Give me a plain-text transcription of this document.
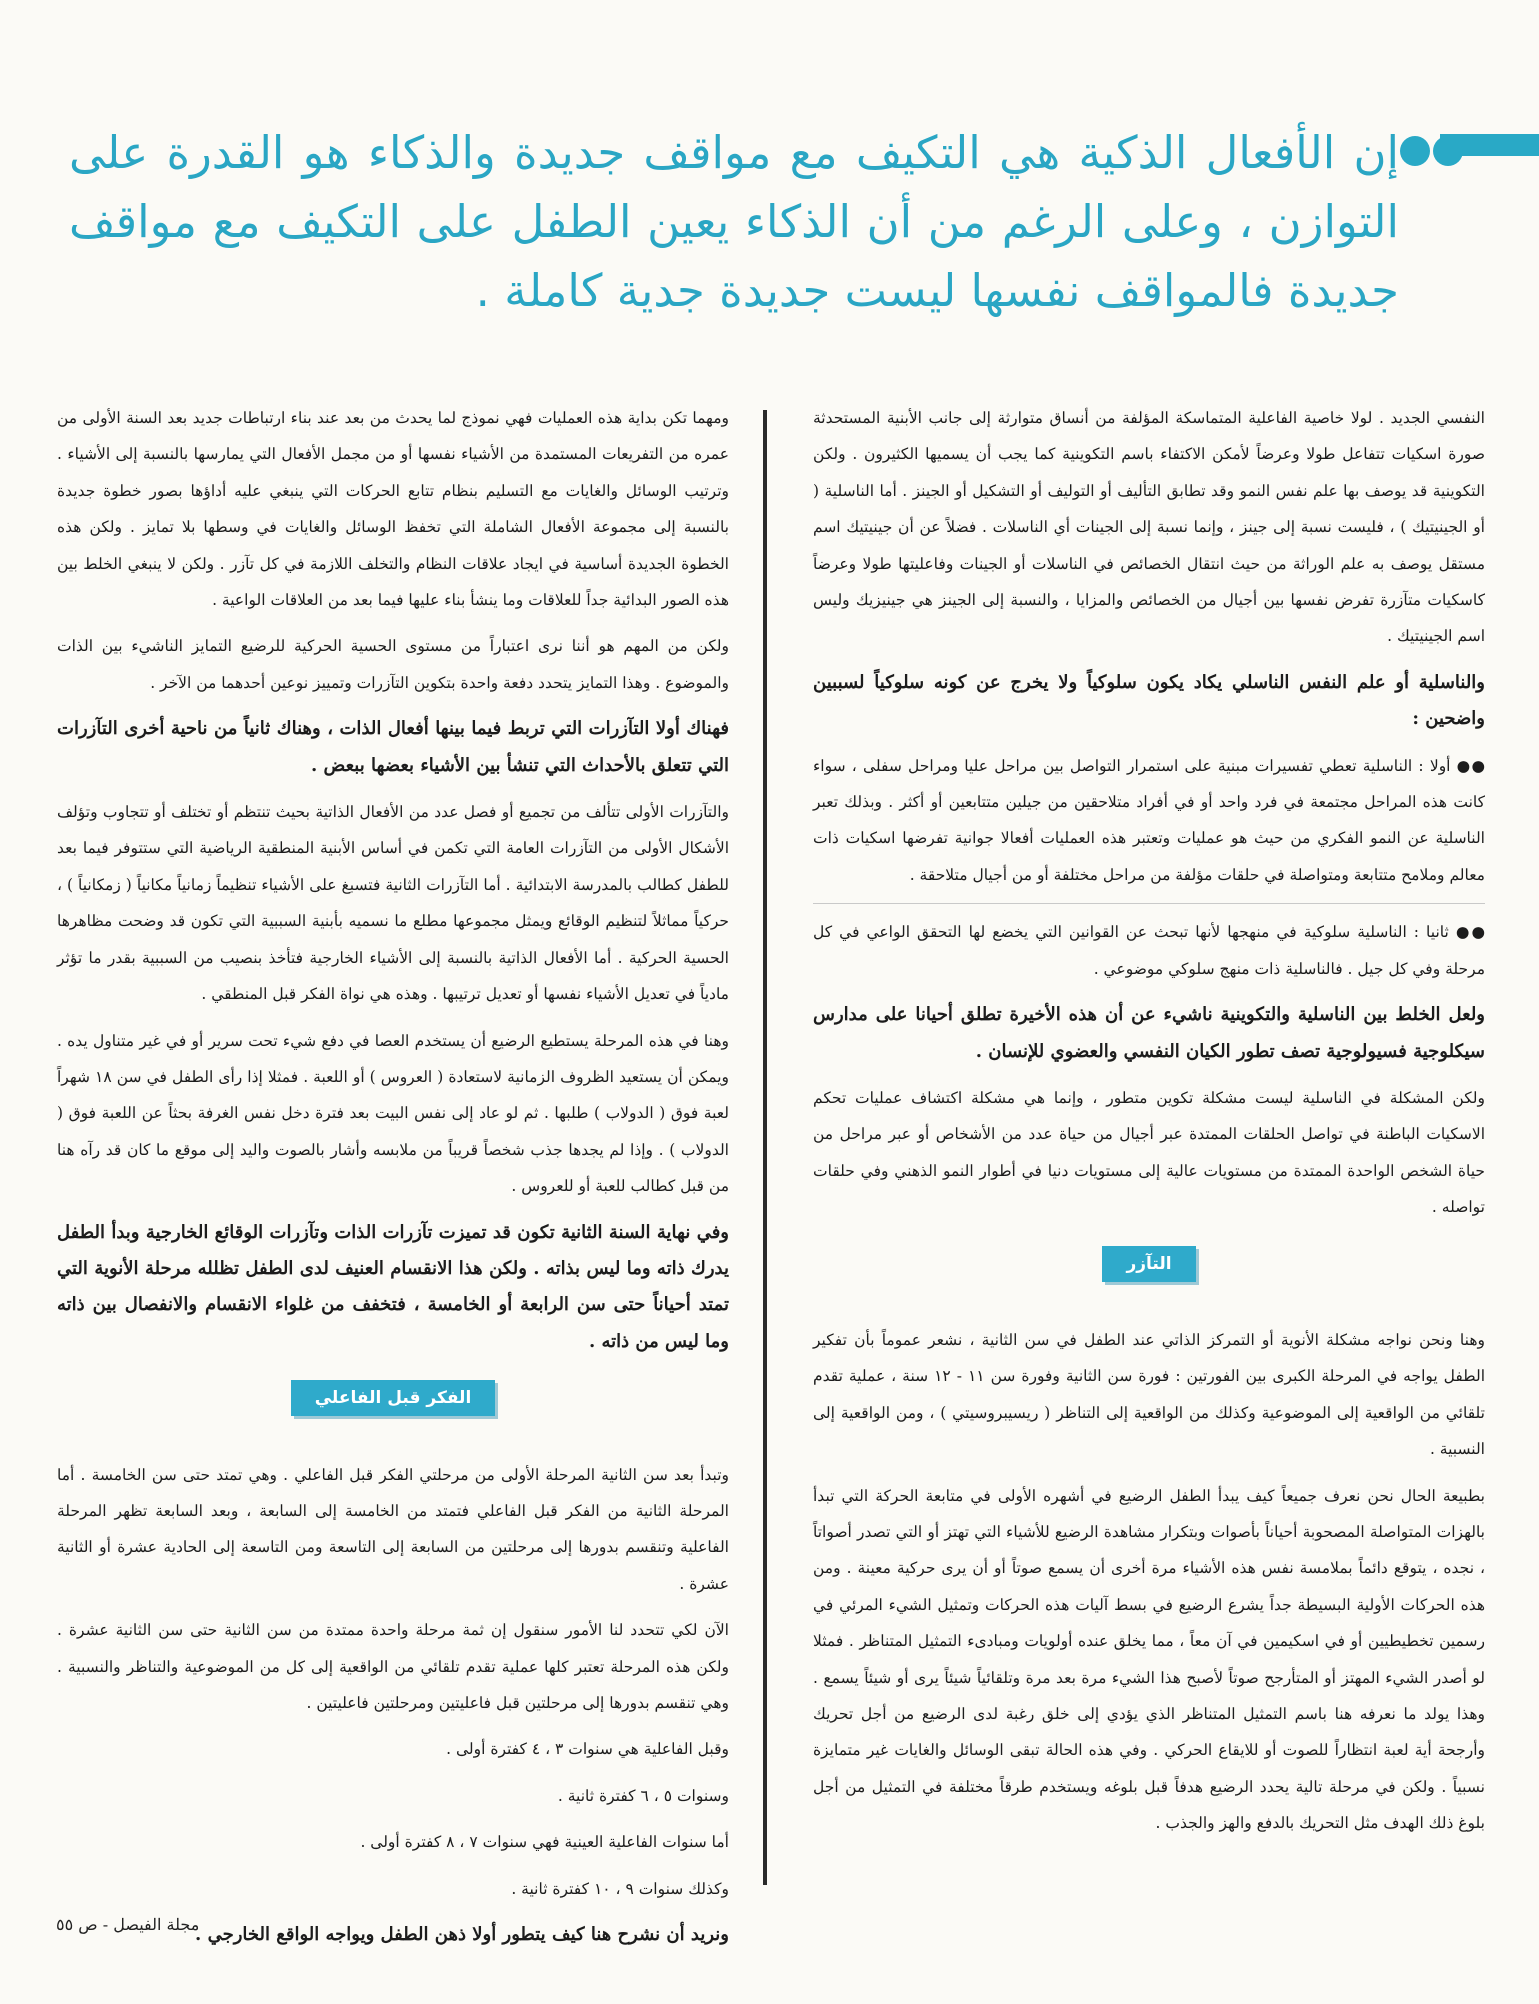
إن الأفعال الذكية هي التكيف مع مواقف جديدة والذكاء هو القدرة على التوازن ، وعلى الرغم من أن الذكاء يعين الطفل على التكيف مع مواقف جديدة فالمواقف نفسها ليست جديدة جدية كاملة .

النفسي الجديد . لولا خاصية الفاعلية المتماسكة المؤلفة من أنساق متوارثة إلى جانب الأبنية المستحدثة صورة اسكيات تتفاعل طولا وعرضاً لأمكن الاكتفاء باسم التكوينية كما يجب أن يسميها الكثيرون . ولكن التكوينية قد يوصف بها علم نفس النمو وقد تطابق التأليف أو التوليف أو التشكيل أو الجينز . أما الناسلية ( أو الجينيتيك ) ، فليست نسبة إلى جينز ، وإنما نسبة إلى الجينات أي الناسلات . فضلاً عن أن جينيتيك اسم مستقل يوصف به علم الوراثة من حيث انتقال الخصائص في الناسلات أو الجينات وفاعليتها طولا وعرضاً كاسكيات متآزرة تفرض نفسها بين أجيال من الخصائص والمزايا ، والنسبة إلى الجينز هي جينيزيك وليس اسم الجينيتيك .

والناسلية أو علم النفس الناسلي يكاد يكون سلوكياً ولا يخرج عن كونه سلوكياً لسببين واضحين :

●● أولا : الناسلية تعطي تفسيرات مبنية على استمرار التواصل بين مراحل عليا ومراحل سفلى ، سواء كانت هذه المراحل مجتمعة في فرد واحد أو في أفراد متلاحقين من جيلين متتابعين أو أكثر . وبذلك تعبر الناسلية عن النمو الفكري من حيث هو عمليات وتعتبر هذه العمليات أفعالا جوانية تفرضها اسكيات ذات معالم وملامح متتابعة ومتواصلة في حلقات مؤلفة من مراحل مختلفة أو من أجيال متلاحقة .

●● ثانيا : الناسلية سلوكية في منهجها لأنها تبحث عن القوانين التي يخضع لها التحقق الواعي في كل مرحلة وفي كل جيل . فالناسلية ذات منهج سلوكي موضوعي .

ولعل الخلط بين الناسلية والتكوينية ناشيء عن أن هذه الأخيرة تطلق أحيانا على مدارس سيكلوجية فسيولوجية تصف تطور الكيان النفسي والعضوي للإنسان .

ولكن المشكلة في الناسلية ليست مشكلة تكوين متطور ، وإنما هي مشكلة اكتشاف عمليات تحكم الاسكيات الباطنة في تواصل الحلقات الممتدة عبر أجيال من حياة عدد من الأشخاص أو عبر مراحل من حياة الشخص الواحدة الممتدة من مستويات عالية إلى مستويات دنيا في أطوار النمو الذهني وفي حلقات تواصله .

التآزر

وهنا ونحن نواجه مشكلة الأنوية أو التمركز الذاتي عند الطفل في سن الثانية ، نشعر عموماً بأن تفكير الطفل يواجه في المرحلة الكبرى بين الفورتين : فورة سن الثانية وفورة سن ١١ - ١٢ سنة ، عملية تقدم تلقائي من الواقعية إلى الموضوعية وكذلك من الواقعية إلى التناظر ( ريسيبروسيتي ) ، ومن الواقعية إلى النسبية .

بطبيعة الحال نحن نعرف جميعاً كيف يبدأ الطفل الرضيع في أشهره الأولى في متابعة الحركة التي تبدأ بالهزات المتواصلة المصحوبة أحياناً بأصوات وبتكرار مشاهدة الرضيع للأشياء التي تهتز أو التي تصدر أصواتاً ، نجده ، يتوقع دائماً بملامسة نفس هذه الأشياء مرة أخرى أن يسمع صوتاً أو أن يرى حركية معينة . ومن هذه الحركات الأولية البسيطة جداً يشرع الرضيع في بسط آليات هذه الحركات وتمثيل الشيء المرئي في رسمين تخطيطيين أو في اسكيمين في آن معاً ، مما يخلق عنده أولويات ومبادىء التمثيل المتناظر . فمثلا لو أصدر الشيء المهتز أو المتأرجح صوتاً لأصبح هذا الشيء مرة بعد مرة وتلقائياً شيئاً يرى أو شيئاً يسمع . وهذا يولد ما نعرفه هنا باسم التمثيل المتناظر الذي يؤدي إلى خلق رغبة لدى الرضيع من أجل تحريك وأرجحة أية لعبة انتظاراً للصوت أو للايقاع الحركي . وفي هذه الحالة تبقى الوسائل والغايات غير متمايزة نسبياً . ولكن في مرحلة تالية يحدد الرضيع هدفاً قبل بلوغه ويستخدم طرقاً مختلفة في التمثيل من أجل بلوغ ذلك الهدف مثل التحريك بالدفع والهز والجذب .

ومهما تكن بداية هذه العمليات فهي نموذج لما يحدث من بعد عند بناء ارتباطات جديد بعد السنة الأولى من عمره من التفريعات المستمدة من الأشياء نفسها أو من مجمل الأفعال التي يمارسها بالنسبة إلى الأشياء . وترتيب الوسائل والغايات مع التسليم بنظام تتابع الحركات التي ينبغي عليه أداؤها بصور خطوة جديدة بالنسبة إلى مجموعة الأفعال الشاملة التي تخفظ الوسائل والغايات في وسطها بلا تمايز . ولكن هذه الخطوة الجديدة أساسية في ايجاد علاقات النظام والتخلف اللازمة في كل تآزر . ولكن لا ينبغي الخلط بين هذه الصور البدائية جداً للعلاقات وما ينشأ بناء عليها فيما بعد من العلاقات الواعية .

ولكن من المهم هو أننا نرى اعتباراً من مستوى الحسية الحركية للرضيع التمايز الناشيء بين الذات والموضوع . وهذا التمايز يتحدد دفعة واحدة بتكوين التآزرات وتمييز نوعين أحدهما من الآخر .

فهناك أولا التآزرات التي تربط فيما بينها أفعال الذات ، وهناك ثانياً من ناحية أخرى التآزرات التي تتعلق بالأحداث التي تنشأ بين الأشياء بعضها ببعض .

والتآزرات الأولى تتألف من تجميع أو فصل عدد من الأفعال الذاتية بحيث تنتظم أو تختلف أو تتجاوب وتؤلف الأشكال الأولى من التآزرات العامة التي تكمن في أساس الأبنية المنطقية الرياضية التي ستتوفر فيما بعد للطفل كطالب بالمدرسة الابتدائية . أما التآزرات الثانية فتسبغ على الأشياء تنظيماً زمانياً مكانياً ( زمكانياً ) ، حركياً مماثلاً لتنظيم الوقائع ويمثل مجموعها مطلع ما نسميه بأبنية السببية التي تكون قد وضحت مظاهرها الحسية الحركية . أما الأفعال الذاتية بالنسبة إلى الأشياء الخارجية فتأخذ بنصيب من السببية بقدر ما تؤثر مادياً في تعديل الأشياء نفسها أو تعديل ترتيبها . وهذه هي نواة الفكر قبل المنطقي .

وهنا في هذه المرحلة يستطيع الرضيع أن يستخدم العصا في دفع شيء تحت سرير أو في غير متناول يده . ويمكن أن يستعيد الظروف الزمانية لاستعادة ( العروس ) أو اللعبة . فمثلا إذا رأى الطفل في سن ١٨ شهراً لعبة فوق ( الدولاب ) طلبها . ثم لو عاد إلى نفس البيت بعد فترة دخل نفس الغرفة بحثاً عن اللعبة فوق ( الدولاب ) . وإذا لم يجدها جذب شخصاً قريباً من ملابسه وأشار بالصوت واليد إلى موقع ما كان قد رآه هنا من قبل كطالب للعبة أو للعروس .

وفي نهاية السنة الثانية تكون قد تميزت تآزرات الذات وتآزرات الوقائع الخارجية وبدأ الطفل يدرك ذاته وما ليس بذاته . ولكن هذا الانقسام العنيف لدى الطفل تظلله مرحلة الأنوية التي تمتد أحياناً حتى سن الرابعة أو الخامسة ، فتخفف من غلواء الانقسام والانفصال بين ذاته وما ليس من ذاته .

الفكر قبل الفاعلي

وتبدأ بعد سن الثانية المرحلة الأولى من مرحلتي الفكر قبل الفاعلي . وهي تمتد حتى سن الخامسة . أما المرحلة الثانية من الفكر قبل الفاعلي فتمتد من الخامسة إلى السابعة ، وبعد السابعة تظهر المرحلة الفاعلية وتنقسم بدورها إلى مرحلتين من السابعة إلى التاسعة ومن التاسعة إلى الحادية عشرة أو الثانية عشرة .

الآن لكي تتحدد لنا الأمور سنقول إن ثمة مرحلة واحدة ممتدة من سن الثانية حتى سن الثانية عشرة . ولكن هذه المرحلة تعتبر كلها عملية تقدم تلقائي من الواقعية إلى كل من الموضوعية والتناظر والنسبية . وهي تنقسم بدورها إلى مرحلتين قبل فاعليتين ومرحلتين فاعليتين .

وقبل الفاعلية هي سنوات ٣ ، ٤ كفترة أولى .

وسنوات ٥ ، ٦ كفترة ثانية .

أما سنوات الفاعلية العينية فهي سنوات ٧ ، ٨ كفترة أولى .

وكذلك سنوات ٩ ، ١٠ كفترة ثانية .

ونريد أن نشرح هنا كيف يتطور أولا ذهن الطفل ويواجه الواقع الخارجي .

مجلة الفيصل - ص ٥٥
